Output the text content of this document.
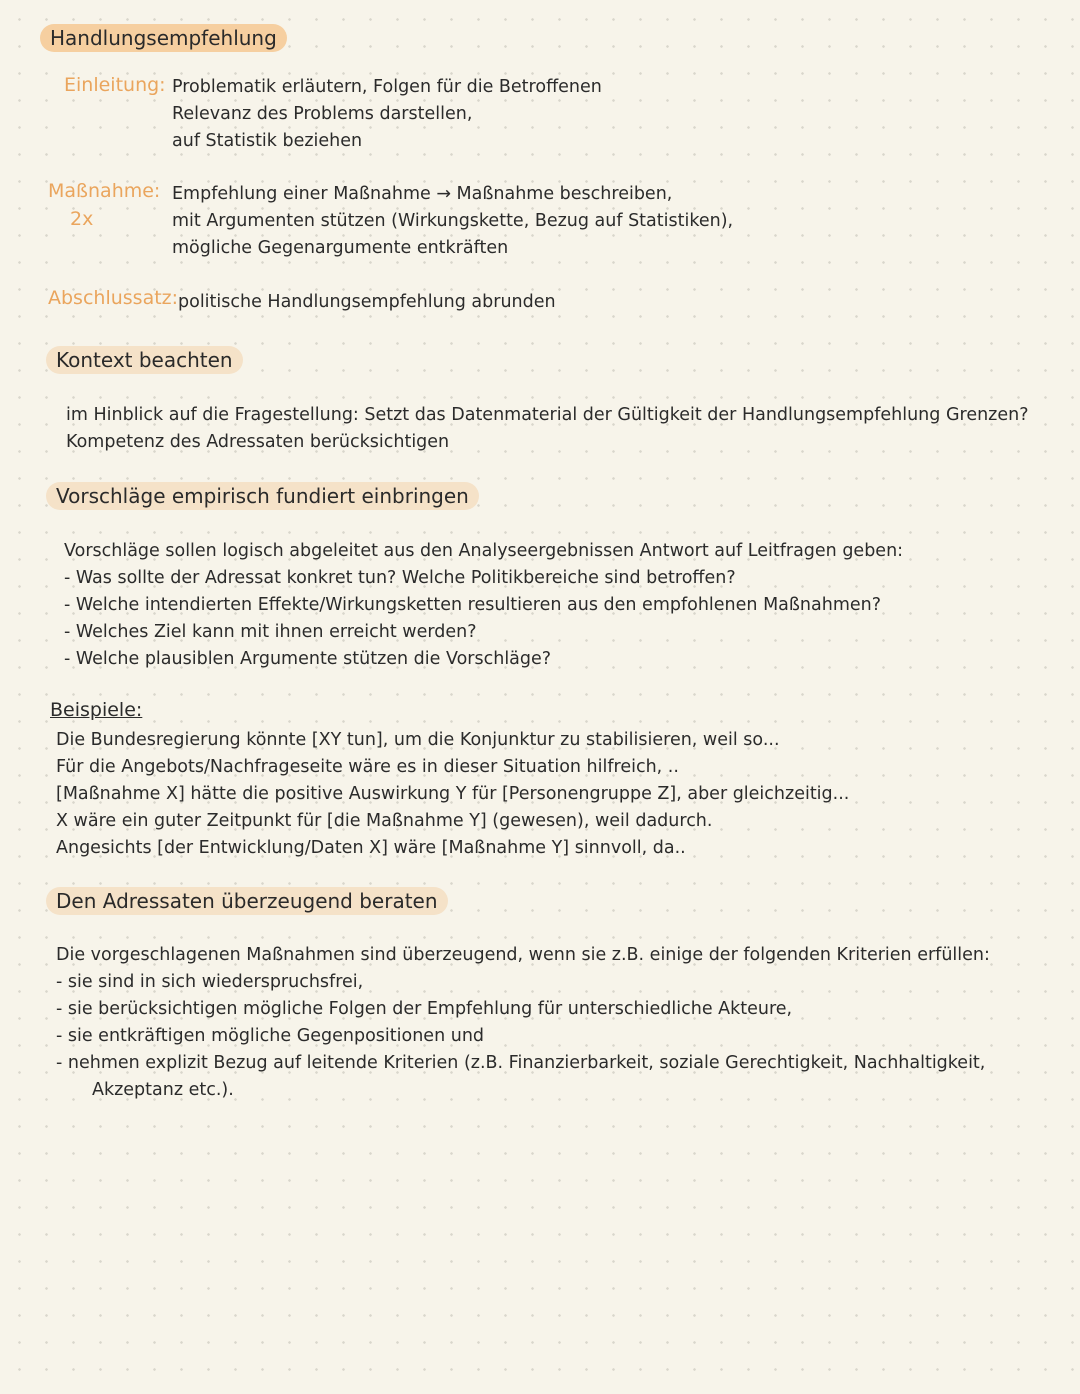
Handlungsempfehlung
Einleitung: Problematik erläutern, Folgen für die Betroffenen
Relevanz des Problems darstellen,
auf Statistik beziehen
Maßnahme:
2x
Empfehlung einer Maßnahme → Maßnahme beschreiben,
mit Argumenten stützen (Wirkungskette, Bezug auf Statistiken),
mögliche Gegenargumente entkräften
Abschlussatz: politische Handlungsempfehlung abrunden
Kontext beachten
im Hinblick auf die Fragestellung: Setzt das Datenmaterial der Gültigkeit der Handlungsempfehlung Grenzen?
Kompetenz des Adressaten berücksichtigen
Vorschläge empirisch fundiert einbringen
Vorschläge sollen logisch abgeleitet aus den Analyseergebnissen Antwort auf Leitfragen geben:
- Was sollte der Adressat konkret tun? Welche Politikbereiche sind betroffen?
- Welche intendierten Effekte/Wirkungsketten resultieren aus den empfohlenen Maßnahmen?
- Welches Ziel kann mit ihnen erreicht werden?
- Welche plausiblen Argumente stützen die Vorschläge?
Beispiele:
Die Bundesregierung könnte [XY tun], um die Konjunktur zu stabilisieren, weil so...
Für die Angebots/Nachfrageseite wäre es in dieser Situation hilfreich, ..
[Maßnahme X] hätte die positive Auswirkung Y für [Personengruppe Z], aber gleichzeitig...
X wäre ein guter Zeitpunkt für [die Maßnahme Y] (gewesen), weil dadurch.
Angesichts [der Entwicklung/Daten X] wäre [Maßnahme Y] sinnvoll, da..
Den Adressaten überzeugend beraten
Die vorgeschlagenen Maßnahmen sind überzeugend, wenn sie z.B. einige der folgenden Kriterien erfüllen:
- sie sind in sich wiederspruchsfrei,
- sie berücksichtigen mögliche Folgen der Empfehlung für unterschiedliche Akteure,
- sie entkräftigen mögliche Gegenpositionen und
- nehmen explizit Bezug auf leitende Kriterien (z.B. Finanzierbarkeit, soziale Gerechtigkeit, Nachhaltigkeit,
Akzeptanz etc.).
